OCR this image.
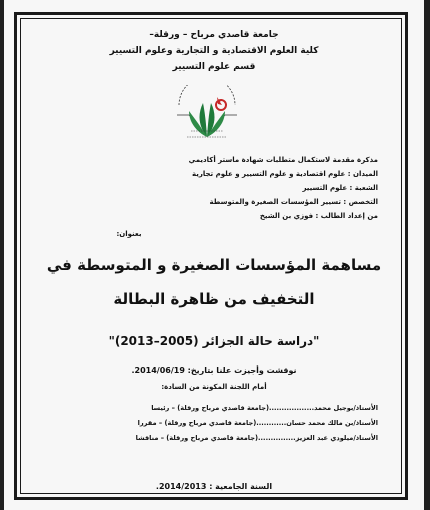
جامعة قاصدي مرباح – ورقلة–
كلية العلوم الاقتصادية و التجارية وعلوم التسيير
قسم علوم التسيير
مذكرة مقدمة لاستكمال متطلبات شهادة ماستر أكاديمي
الميدان : علوم اقتصادية و علوم التسيير و علوم تجارية
الشعبة : علوم التسيير
التخصص : تسيير المؤسسات الصغيرة والمتوسطة
من إعداد الطالب : فوزي بن الشيخ
بعنوان:
مساهمة المؤسسات الصغيرة و المتوسطة في
التخفيف من ظاهرة البطالة
"دراسة حالة الجزائر (2005–2013)"
نوقشت وأجيزت علنا بتاريخ: 2014/06/19.
أمام اللجنة المكونة من السادة:
الأستاذ/بوجيل محمد..................(جامعة قاصدي مرباح ورقلة) – رئيسا
الأستاذ/بن مالك محمد حسان............(جامعة قاصدي مرباح ورقلة) – مقررا
الأستاذ/ميلودي عبد العزيز...............(جامعة قاصدي مرباح ورقلة) – مناقشا
السنة الجامعية : 2014/2013.
